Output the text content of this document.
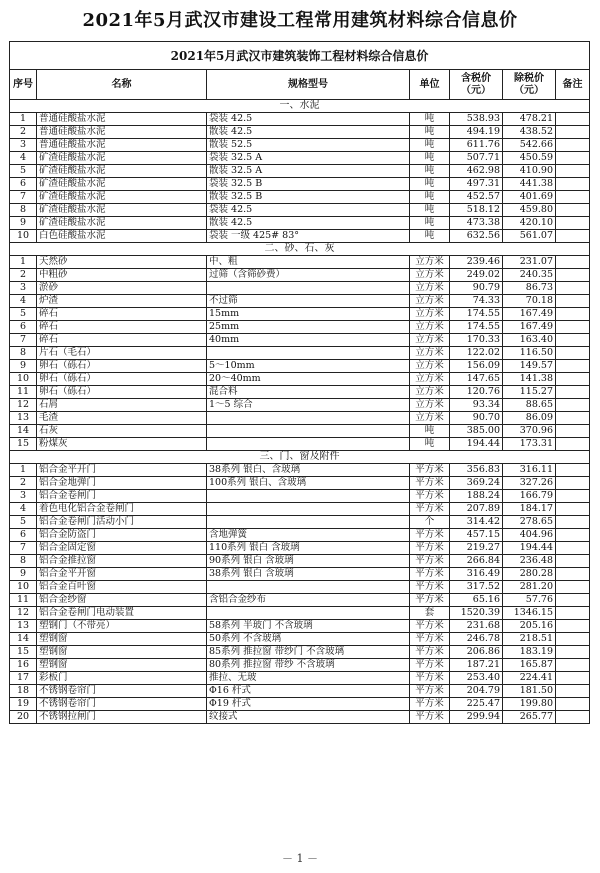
2021年5月武汉市建设工程常用建筑材料综合信息价
2021年5月武汉市建筑装饰工程材料综合信息价						
序号	名称	规格型号	单位	含税价（元）	除税价（元）	备注
一、水泥						
1	普通硅酸盐水泥	袋装 42.5	吨	538.93	478.21	
2	普通硅酸盐水泥	散装 42.5	吨	494.19	438.52	
3	普通硅酸盐水泥	散装 52.5	吨	611.76	542.66	
4	矿渣硅酸盐水泥	袋装 32.5 A	吨	507.71	450.59	
5	矿渣硅酸盐水泥	散装 32.5 A	吨	462.98	410.90	
6	矿渣硅酸盐水泥	袋装 32.5 B	吨	497.31	441.38	
7	矿渣硅酸盐水泥	散装 32.5 B	吨	452.57	401.69	
8	矿渣硅酸盐水泥	袋装 42.5	吨	518.12	459.80	
9	矿渣硅酸盐水泥	散装 42.5	吨	473.38	420.10	
10	白色硅酸盐水泥	袋装 一级 425# 83°	吨	632.56	561.07	
二、砂、石、灰						
1	天然砂	中、粗	立方米	239.46	231.07	
2	中粗砂	过筛（含筛砂费）	立方米	249.02	240.35	
3	淤砂		立方米	90.79	86.73	
4	炉渣	不过筛	立方米	74.33	70.18	
5	碎石	15mm	立方米	174.55	167.49	
6	碎石	25mm	立方米	174.55	167.49	
7	碎石	40mm	立方米	170.33	163.40	
8	片石（毛石）		立方米	122.02	116.50	
9	卵石（砾石）	5～10mm	立方米	156.09	149.57	
10	卵石（砾石）	20～40mm	立方米	147.65	141.38	
11	卵石（砾石）	混合料	立方米	120.76	115.27	
12	石屑	1～5 综合	立方米	93.34	88.65	
13	毛渣		立方米	90.70	86.09	
14	石灰		吨	385.00	370.96	
15	粉煤灰		吨	194.44	173.31	
三、门、窗及附件						
1	铝合金平开门	38系列 银白、含玻璃	平方米	356.83	316.11	
2	铝合金地弹门	100系列 银白、含玻璃	平方米	369.24	327.26	
3	铝合金卷闸门		平方米	188.24	166.79	
4	着色电化铝合金卷闸门		平方米	207.89	184.17	
5	铝合金卷闸门活动小门		个	314.42	278.65	
6	铝合金防盗门	含地弹簧	平方米	457.15	404.96	
7	铝合金固定窗	110系列 银白 含玻璃	平方米	219.27	194.44	
8	铝合金推拉窗	90系列 银白 含玻璃	平方米	266.84	236.48	
9	铝合金平开窗	38系列 银白 含玻璃	平方米	316.49	280.28	
10	铝合金百叶窗		平方米	317.52	281.20	
11	铝合金纱窗	含铝合金纱布	平方米	65.16	57.76	
12	铝合金卷闸门电动装置		套	1520.39	1346.15	
13	塑钢门（不带亮）	58系列 半玻门 不含玻璃	平方米	231.68	205.16	
14	塑钢窗	50系列 不含玻璃	平方米	246.78	218.51	
15	塑钢窗	85系列 推拉窗 带纱门 不含玻璃	平方米	206.86	183.19	
16	塑钢窗	80系列 推拉窗 带纱 不含玻璃	平方米	187.21	165.87	
17	彩板门	推拉、无玻	平方米	253.40	224.41	
18	不锈钢卷帘门	Φ16 杆式	平方米	204.79	181.50	
19	不锈钢卷帘门	Φ19 杆式	平方米	225.47	199.80	
20	不锈钢拉闸门	纹接式	平方米	299.94	265.77	
－ 1 －
